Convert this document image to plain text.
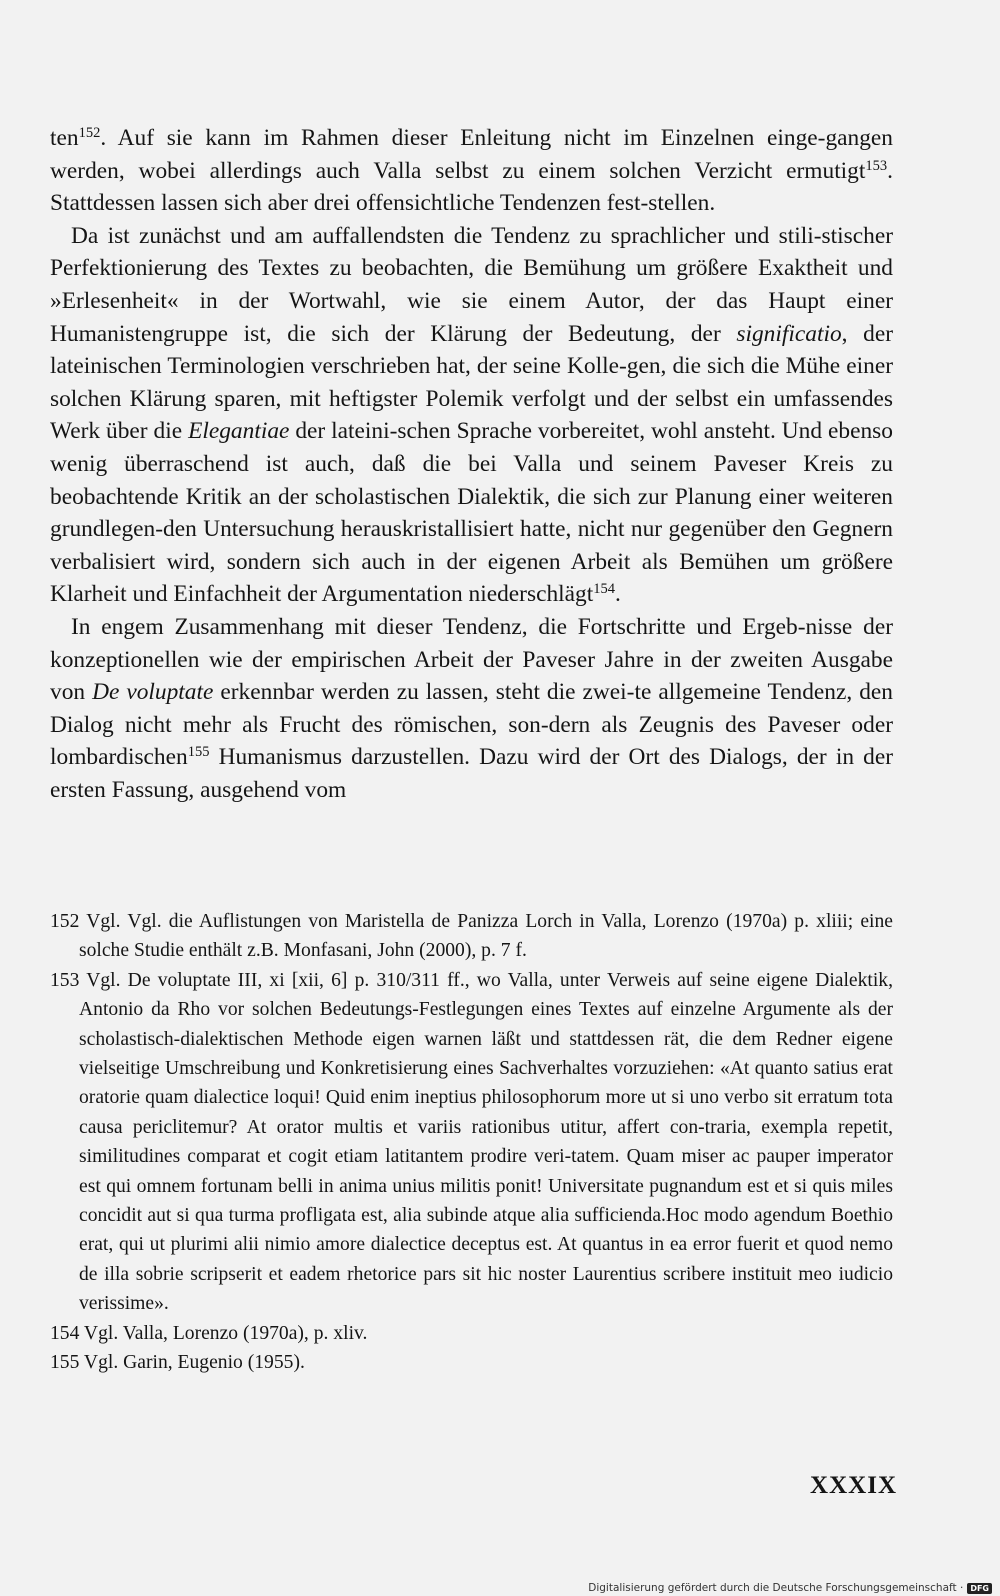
ten$^{152}$. Auf sie kann im Rahmen dieser Enleitung nicht im Einzelnen einge-gangen werden, wobei allerdings auch Valla selbst zu einem solchen Verzicht ermutigt$^{153}$. Stattdessen lassen sich aber drei offensichtliche Tendenzen fest-stellen.

Da ist zunächst und am auffallendsten die Tendenz zu sprachlicher und stili-stischer Perfektionierung des Textes zu beobachten, die Bemühung um größere Exaktheit und »Erlesenheit« in der Wortwahl, wie sie einem Autor, der das Haupt einer Humanistengruppe ist, die sich der Klärung der Bedeutung, der significatio, der lateinischen Terminologien verschrieben hat, der seine Kolle-gen, die sich die Mühe einer solchen Klärung sparen, mit heftigster Polemik verfolgt und der selbst ein umfassendes Werk über die Elegantiae der lateini-schen Sprache vorbereitet, wohl ansteht. Und ebenso wenig überraschend ist auch, daß die bei Valla und seinem Paveser Kreis zu beobachtende Kritik an der scholastischen Dialektik, die sich zur Planung einer weiteren grundlegen-den Untersuchung herauskristallisiert hatte, nicht nur gegenüber den Gegnern verbalisiert wird, sondern sich auch in der eigenen Arbeit als Bemühen um größere Klarheit und Einfachheit der Argumentation niederschlägt$^{154}$.

In engem Zusammenhang mit dieser Tendenz, die Fortschritte und Ergeb-nisse der konzeptionellen wie der empirischen Arbeit der Paveser Jahre in der zweiten Ausgabe von De voluptate erkennbar werden zu lassen, steht die zwei-te allgemeine Tendenz, den Dialog nicht mehr als Frucht des römischen, son-dern als Zeugnis des Paveser oder lombardischen$^{155}$ Humanismus darzustellen. Dazu wird der Ort des Dialogs, der in der ersten Fassung, ausgehend vom

152 Vgl. Vgl. die Auflistungen von Maristella de Panizza Lorch in Valla, Lorenzo (1970a) p. xliii; eine solche Studie enthält z.B. Monfasani, John (2000), p. 7 f.

153 Vgl. De voluptate III, xi [xii, 6] p. 310/311 ff., wo Valla, unter Verweis auf seine eigene Dialektik, Antonio da Rho vor solchen Bedeutungs-Festlegungen eines Textes auf einzelne Argumente als der scholastisch-dialektischen Methode eigen warnen läßt und stattdessen rät, die dem Redner eigene vielseitige Umschreibung und Konkretisierung eines Sachverhaltes vorzuziehen: «At quanto satius erat oratorie quam dialectice loqui! Quid enim ineptius philosophorum more ut si uno verbo sit erratum tota causa periclitemur? At orator multis et variis rationibus utitur, affert con-traria, exempla repetit, similitudines comparat et cogit etiam latitantem prodire veri-tatem. Quam miser ac pauper imperator est qui omnem fortunam belli in anima unius militis ponit! Universitate pugnandum est et si quis miles concidit aut si qua turma profligata est, alia subinde atque alia sufficienda.Hoc modo agendum Boethio erat, qui ut plurimi alii nimio amore dialectice deceptus est. At quantus in ea error fuerit et quod nemo de illa sobrie scripserit et eadem rhetorice pars sit hic noster Laurentius scribere instituit meo iudicio verissime».

154 Vgl. Valla, Lorenzo (1970a), p. xliv.

155 Vgl. Garin, Eugenio (1955).

XXXIX
Digitalisierung gefördert durch die Deutsche Forschungsgemeinschaft · DFG
